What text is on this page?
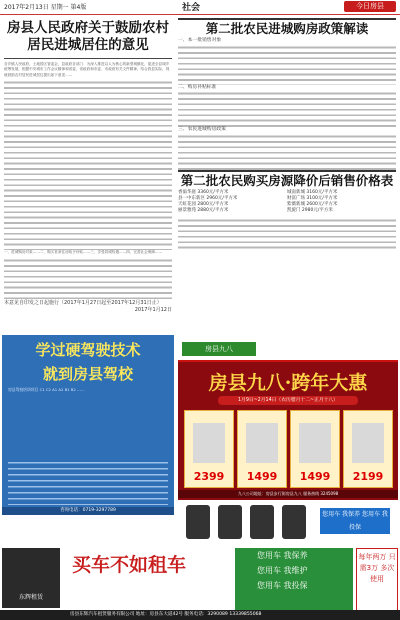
2017年2月13日 星期一 第4版	社会	今日房县
房县人民政府关于鼓励农村居民进城居住的意见
各乡镇人民政府，土地园区管委会，县政府各部门：为深入推进以人为核心的新型城镇化，促进全县城乡统筹发展，根据中央城市工作会议精神和省委、省政府和市委、市政府有关文件精神，结合我县实际，现就鼓励农村居民进城居住提出如下意见……
一、进城购房对象……二、购买首套住房给予补贴……三、享受同城待遇……四、完善社会保障……
本意见自印发之日起施行（2017年1月27日起至2017年12月31日止）
2017年1月12日
第二批农民进城购房政策解读
一、本一批销售对象
二、购房补贴标准
三、农民进城购房政策
第二批农民购买房源降价后销售价格表
香溢华庭 3360元/平方米	城南新城 3160元/平方米
县一中东新区 2960元/平方米	财富广场 3100元/平方米
天虹花园 2800元/平方米	紫薇新城 2600元/平方米
丽景雅苑 2880元/平方米	凯旋门 2980元/平方米
学过硬驾驶技术
就到房县驾校
房县驾校培训项目 C1 C2 A1 A2 B1 B2 ……
咨询电话：0719-3297789
房县九八
房县九八·跨年大惠
1月9日~2月14日（农历腊月十二~正月十八）
2399	1499	1499	2199
九八公司地址：房县步行街房县九八 服务热线 3245098
您用车 我保养 您用车 我投保
东辉租赁
买车不如租车	您用车 我保养
您用车 我维护
您用车 我投保
每年两万 只需3万 多次使用
房县东辉汽车租赁服务有限公司 地址：房县东大道42号 服务电话：3290089 13339855068
